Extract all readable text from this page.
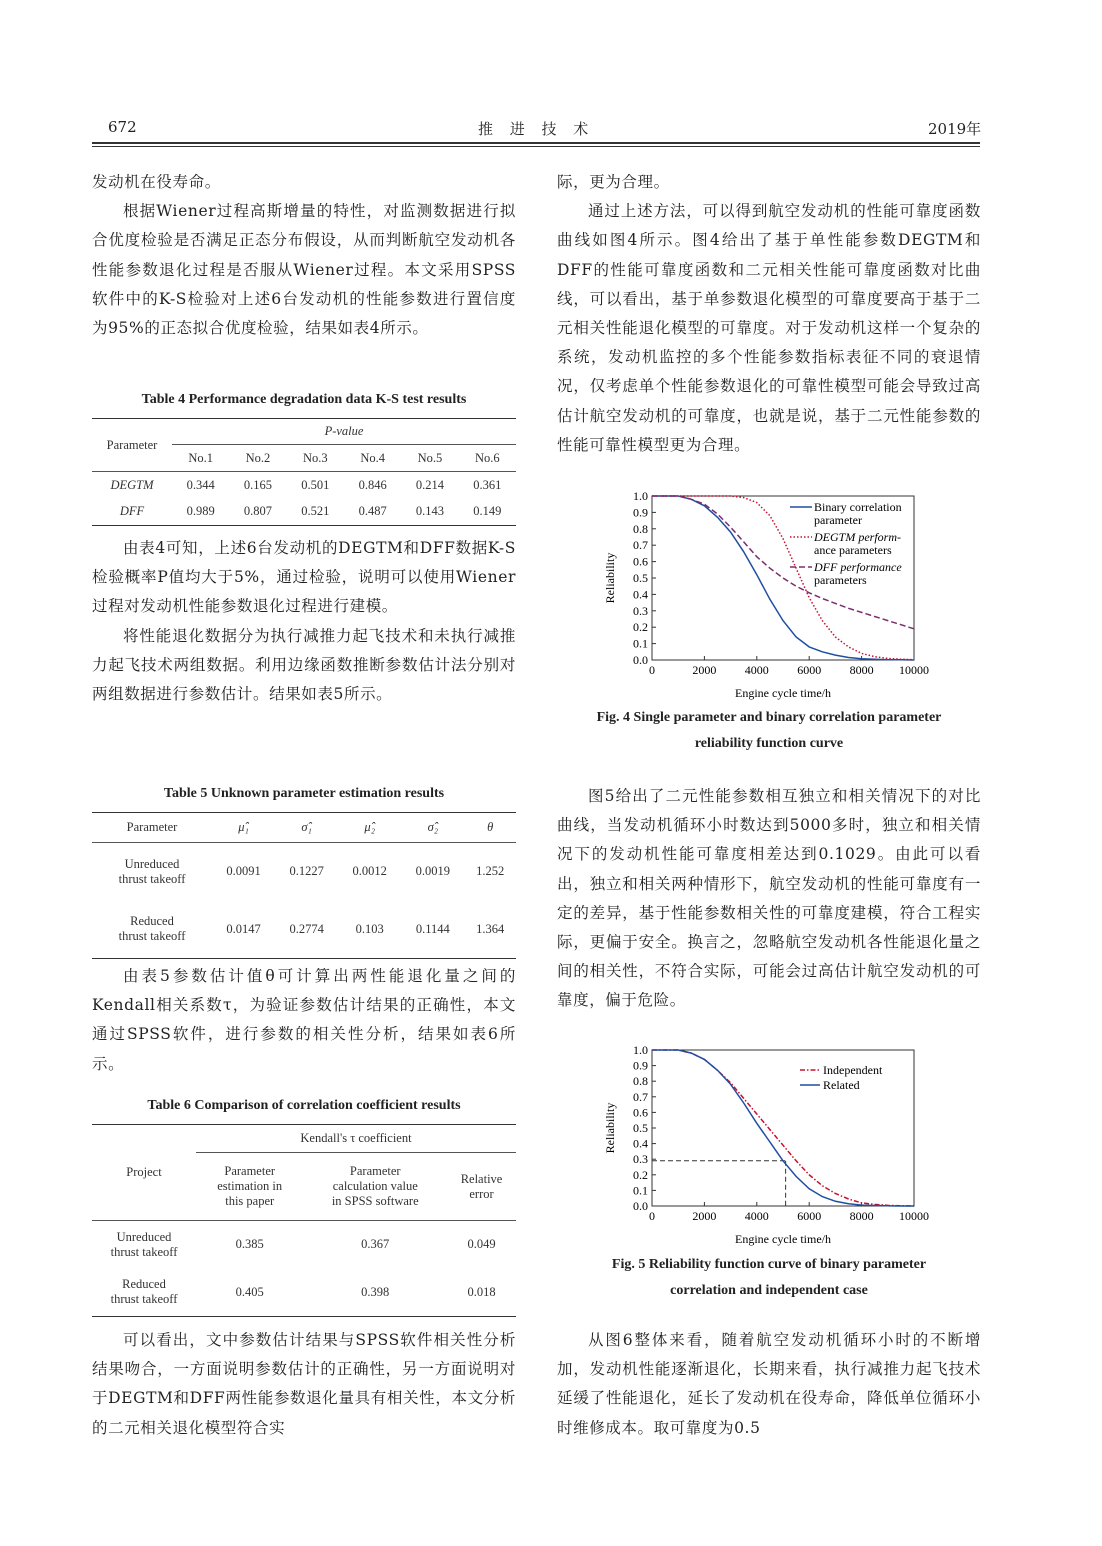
672	推 进 技 术	2019年

发动机在役寿命。

根据Wiener过程高斯增量的特性，对监测数据进行拟合优度检验是否满足正态分布假设，从而判断航空发动机各性能参数退化过程是否服从Wiener过程。本文采用SPSS软件中的K-S检验对上述6台发动机的性能参数进行置信度为95%的正态拟合优度检验，结果如表4所示。

Table 4 Performance degradation data K-S test results

Parameter	P-value					
	No.1	No.2	No.3	No.4	No.5	No.6
DEGTM	0.344	0.165	0.501	0.846	0.214	0.361
DFF	0.989	0.807	0.521	0.487	0.143	0.149

由表4可知，上述6台发动机的DEGTM和DFF数据K-S检验概率P值均大于5%，通过检验，说明可以使用Wiener过程对发动机性能参数退化过程进行建模。

将性能退化数据分为执行减推力起飞技术和未执行减推力起飞技术两组数据。利用边缘函数推断参数估计法分别对两组数据进行参数估计。结果如表5所示。

Table 5 Unknown parameter estimation results

Parameter	μ̂₁	σ̂₁	μ̂₂	σ̂₂	θ
Unreduced
thrust takeoff	0.0091	0.1227	0.0012	0.0019	1.252
Reduced
thrust takeoff	0.0147	0.2774	0.103	0.1144	1.364

由表5参数估计值θ可计算出两性能退化量之间的Kendall相关系数τ，为验证参数估计结果的正确性，本文通过SPSS软件，进行参数的相关性分析，结果如表6所示。

Table 6 Comparison of correlation coefficient results

Project	Kendall's τ coefficient		
	Parameter
estimation in
this paper	Parameter
calculation value
in SPSS software	Relative
error
Unreduced
thrust takeoff	0.385	0.367	0.049
Reduced
thrust takeoff	0.405	0.398	0.018

可以看出，文中参数估计结果与SPSS软件相关性分析结果吻合，一方面说明参数估计的正确性，另一方面说明对于DEGTM和DFF两性能参数退化量具有相关性，本文分析的二元相关退化模型符合实

际，更为合理。

通过上述方法，可以得到航空发动机的性能可靠度函数曲线如图4所示。图4给出了基于单性能参数DEGTM和DFF的性能可靠度函数和二元相关性能可靠度函数对比曲线，可以看出，基于单参数退化模型的可靠度要高于基于二元相关性能退化模型的可靠度。对于发动机这样一个复杂的系统，发动机监控的多个性能参数指标表征不同的衰退情况，仅考虑单个性能参数退化的可靠性模型可能会导致过高估计航空发动机的可靠度，也就是说，基于二元性能参数的性能可靠性模型更为合理。

0	2000 4000 6000 8000 10000
0.0
0.1
0.2
0.3
0.4
0.5
0.6
0.7
0.8
0.9
1.0
Reliability
Engine cycle time/h
Binary correlation
parameter
DEGTM perform-
ance parameters
DFF performance
parameters

Fig. 4 Single parameter and binary correlation parameter

reliability function curve

图5给出了二元性能参数相互独立和相关情况下的对比曲线，当发动机循环小时数达到5000多时，独立和相关情况下的发动机性能可靠度相差达到0.1029。由此可以看出，独立和相关两种情形下，航空发动机的性能可靠度有一定的差异，基于性能参数相关性的可靠度建模，符合工程实际，更偏于安全。换言之，忽略航空发动机各性能退化量之间的相关性，不符合实际，可能会过高估计航空发动机的可靠度，偏于危险。

0	2000 4000 6000 8000 10000
0.0
0.1
0.2
0.3
0.4
0.5
0.6
0.7
0.8
0.9
1.0
Reliability
Engine cycle time/h
Independent
Related

Fig. 5 Reliability function curve of binary parameter

correlation and independent case

从图6整体来看，随着航空发动机循环小时的不断增加，发动机性能逐渐退化，长期来看，执行减推力起飞技术延缓了性能退化，延长了发动机在役寿命，降低单位循环小时维修成本。取可靠度为0.5
